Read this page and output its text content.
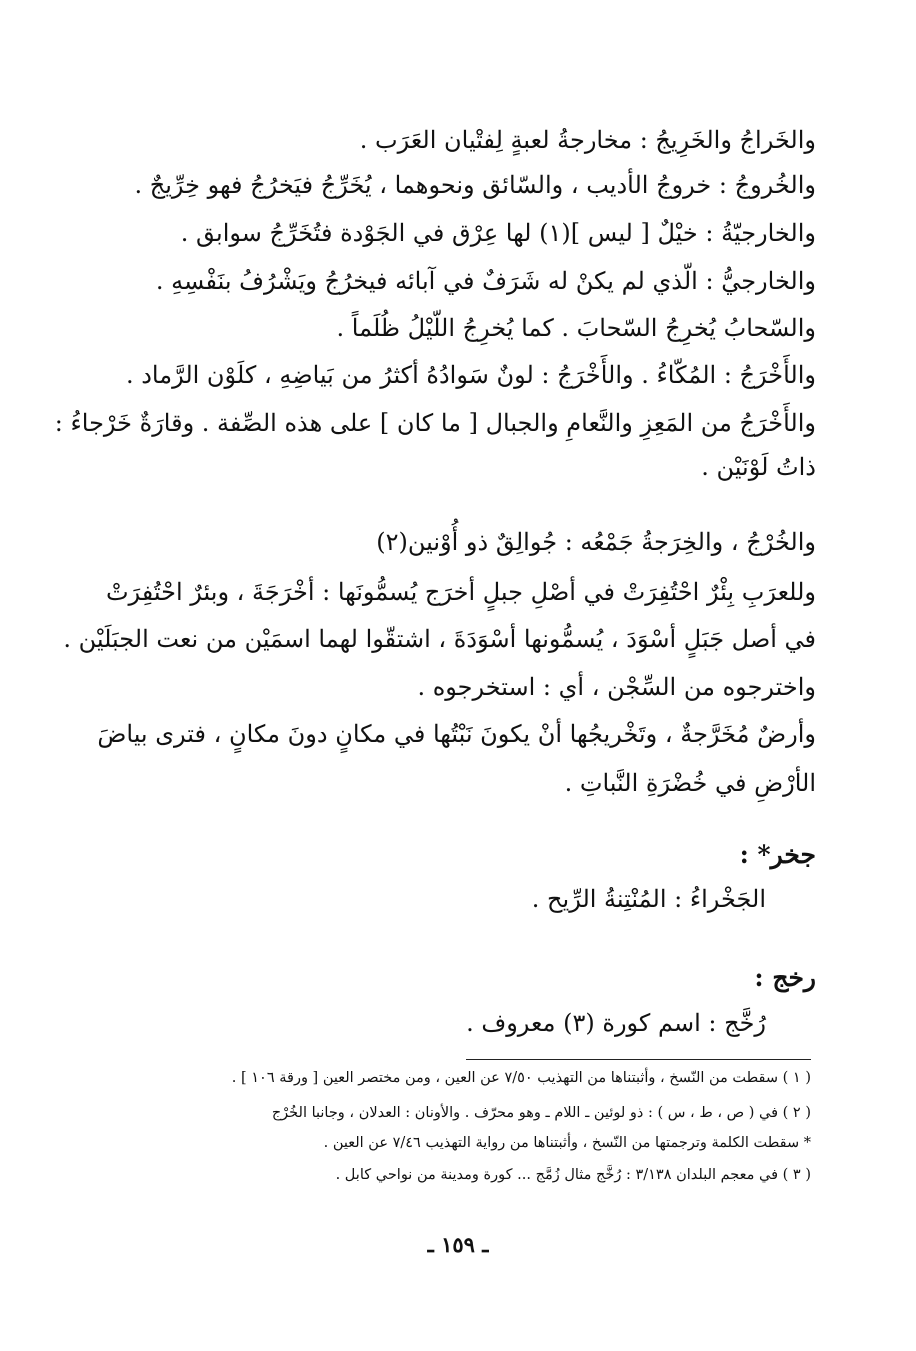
والخَراجُ والخَرِيجُ : مخارجةُ لعبةٍ لِفتْيان العَرَب .
والخُروجُ : خروجُ الأديب ، والسّائق ونحوهما ، يُخَرِّجُ فيَخرُجُ فهو خِرِّيجٌ .
والخارجيّةُ : خيْلٌ [ ليس ](١) لها عِرْق في الجَوْدة فتُخَرِّجُ سوابق .
والخارجيُّ : الّذي لم يكنْ له شَرَفٌ في آبائه فيخرُجُ ويَشْرُفُ بنَفْسِهِ .
والسّحابُ يُخرِجُ السّحابَ . كما يُخرِجُ اللّيْلُ ظُلَماً .
والأَخْرَجُ : المُكّاءُ . والأَخْرَجُ : لونٌ سَوادُهُ أكثرُ من بَياضِهِ ، كلَوْن الرَّماد .
والأَخْرَجُ من المَعِزِ والنَّعامِ والجبال [ ما كان ] على هذه الصِّفة . وقارَةٌ خَرْجاءُ :
ذاتُ لَوْنَيْن .
والخُرْجُ ، والخِرَجةُ جَمْعُه : جُوالِقٌ ذو أُوْنين(٢)
وللعرَبِ بِئْرٌ احْتُفِرَتْ في أصْلِ جبلٍ أخرَج يُسمُّونَها : أخْرَجَةَ ، وبئرٌ احْتُفِرَتْ
في أصل جَبَلٍ أسْوَدَ ، يُسمُّونها أسْوَدَةَ ، اشتقّوا لهما اسمَيْن من نعت الجبَلَيْن .
واخترجوه من السِّجْن ، أي : استخرجوه .
وأرضٌ مُخَرَّجةٌ ، وتَخْريجُها أنْ يكونَ نَبْتُها في مكانٍ دونَ مكانٍ ، فترى بياضَ
الأرْضِ في خُضْرَةِ النَّباتِ .
جخر* :
الجَخْراءُ : المُنْتِنةُ الرِّيح .
رخج :
رُخَّج : اسم كورة (٣) معروف .
( ١ ) سقطت من النّسخ ، وأثبتناها من التهذيب ٧/٥٠ عن العين ، ومن مختصر العين [ ورقة ١٠٦ ] .
( ٢ ) في ( ص ، ط ، س ) : ذو لوئين ـ اللام ـ وهو محرّف . والأونان : العدلان ، وجانبا الخُرْج
* سقطت الكلمة وترجمتها من النّسخ ، وأثبتناها من رواية التهذيب ٧/٤٦ عن العين .
( ٣ ) في معجم البلدان ٣/١٣٨ : رُخَّج مثال زُمَّج ... كورة ومدينة من نواحي كابل .
ـ ١٥٩ ـ
